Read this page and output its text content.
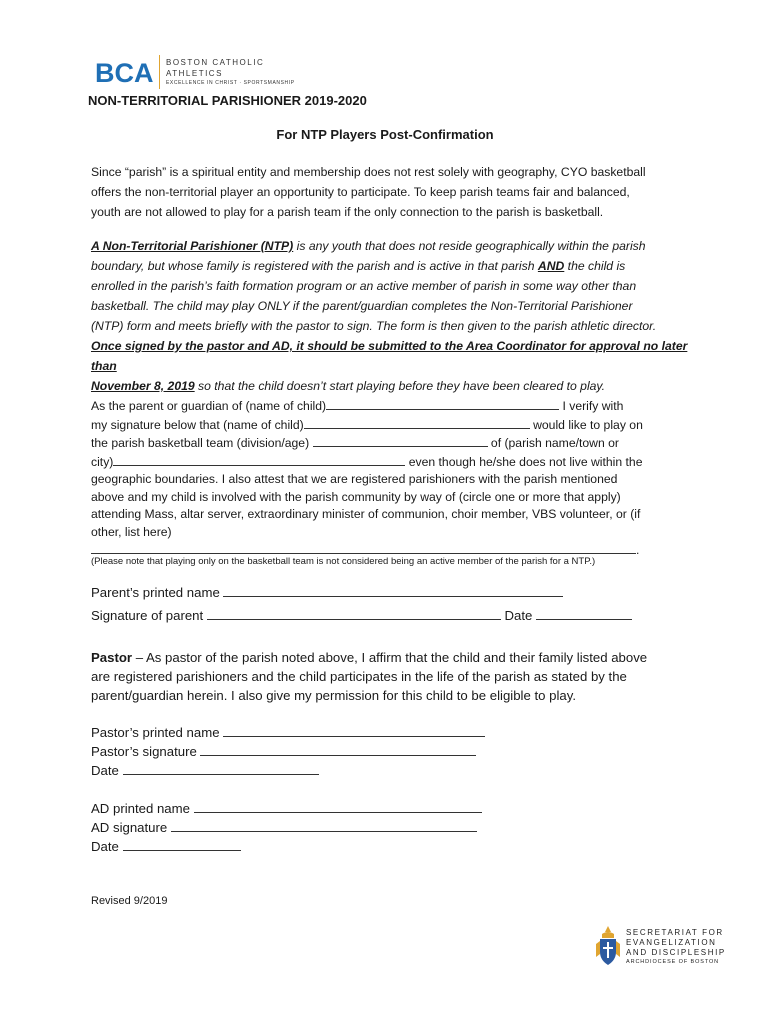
BCA BOSTON CATHOLIC
ATHLETICS
EXCELLENCE IN CHRIST · SPORTSMANSHIP
NON-TERRITORIAL PARISHIONER 2019-2020
For NTP Players Post-Confirmation
Since “parish” is a spiritual entity and membership does not rest solely with geography, CYO basketball
offers the non-territorial player an opportunity to participate. To keep parish teams fair and balanced,
youth are not allowed to play for a parish team if the only connection to the parish is basketball.
A Non-Territorial Parishioner (NTP) is any youth that does not reside geographically within the parish
boundary, but whose family is registered with the parish and is active in that parish AND the child is
enrolled in the parish’s faith formation program or an active member of parish in some way other than
basketball. The child may play ONLY if the parent/guardian completes the Non-Territorial Parishioner
(NTP) form and meets briefly with the pastor to sign. The form is then given to the parish athletic director.
Once signed by the pastor and AD, it should be submitted to the Area Coordinator for approval no later than
November 8, 2019 so that the child doesn’t start playing before they have been cleared to play.
As the parent or guardian of (name of child)	I verify with
my signature below that (name of child)	would like to play on
the parish basketball team (division/age)	of (parish name/town or
city)	even though he/she does not live within the
geographic boundaries. I also attest that we are registered parishioners with the parish mentioned
above and my child is involved with the parish community by way of (circle one or more that apply)
attending Mass, altar server, extraordinary minister of communion, choir member, VBS volunteer, or (if
other, list here)
.
(Please note that playing only on the basketball team is not considered being an active member of the parish for a NTP.)
Parent’s printed name
Signature of parent	Date
Pastor – As pastor of the parish noted above, I affirm that the child and their family listed above
are registered parishioners and the child participates in the life of the parish as stated by the
parent/guardian herein. I also give my permission for this child to be eligible to play.
Pastor’s printed name
Pastor’s signature
Date
AD printed name
AD signature
Date
Revised 9/2019
SECRETARIAT FOR
EVANGELIZATION
AND DISCIPLESHIP
ARCHDIOCESE OF BOSTON
